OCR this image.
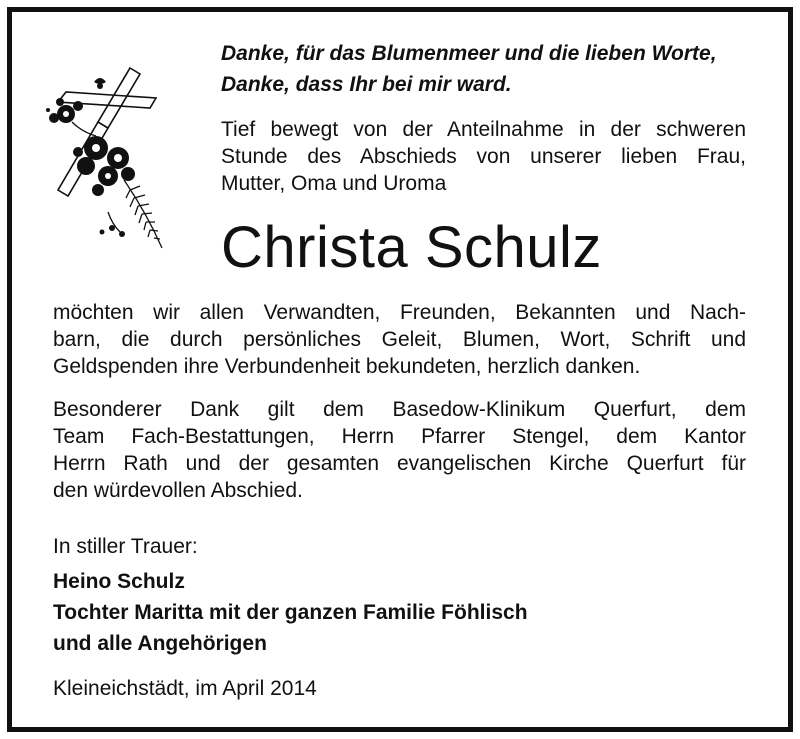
Danke, für das Blumenmeer und die lieben Worte,

Danke, dass Ihr bei mir ward.

Tief bewegt von der Anteilnahme in der schweren

Stunde des Abschieds von unserer lieben Frau,

Mutter, Oma und Uroma

Christa Schulz

möchten wir allen Verwandten, Freunden, Bekannten und Nach-

barn, die durch persönliches Geleit, Blumen, Wort, Schrift und

Geldspenden ihre Verbundenheit bekundeten, herzlich danken.

Besonderer Dank gilt dem Basedow-Klinikum Querfurt, dem

Team Fach-Bestattungen, Herrn Pfarrer Stengel, dem Kantor

Herrn Rath und der gesamten evangelischen Kirche Querfurt für

den würdevollen Abschied.

In stiller Trauer:

Heino Schulz

Tochter Maritta mit der ganzen Familie Föhlisch

und alle Angehörigen

Kleineichstädt, im April 2014
